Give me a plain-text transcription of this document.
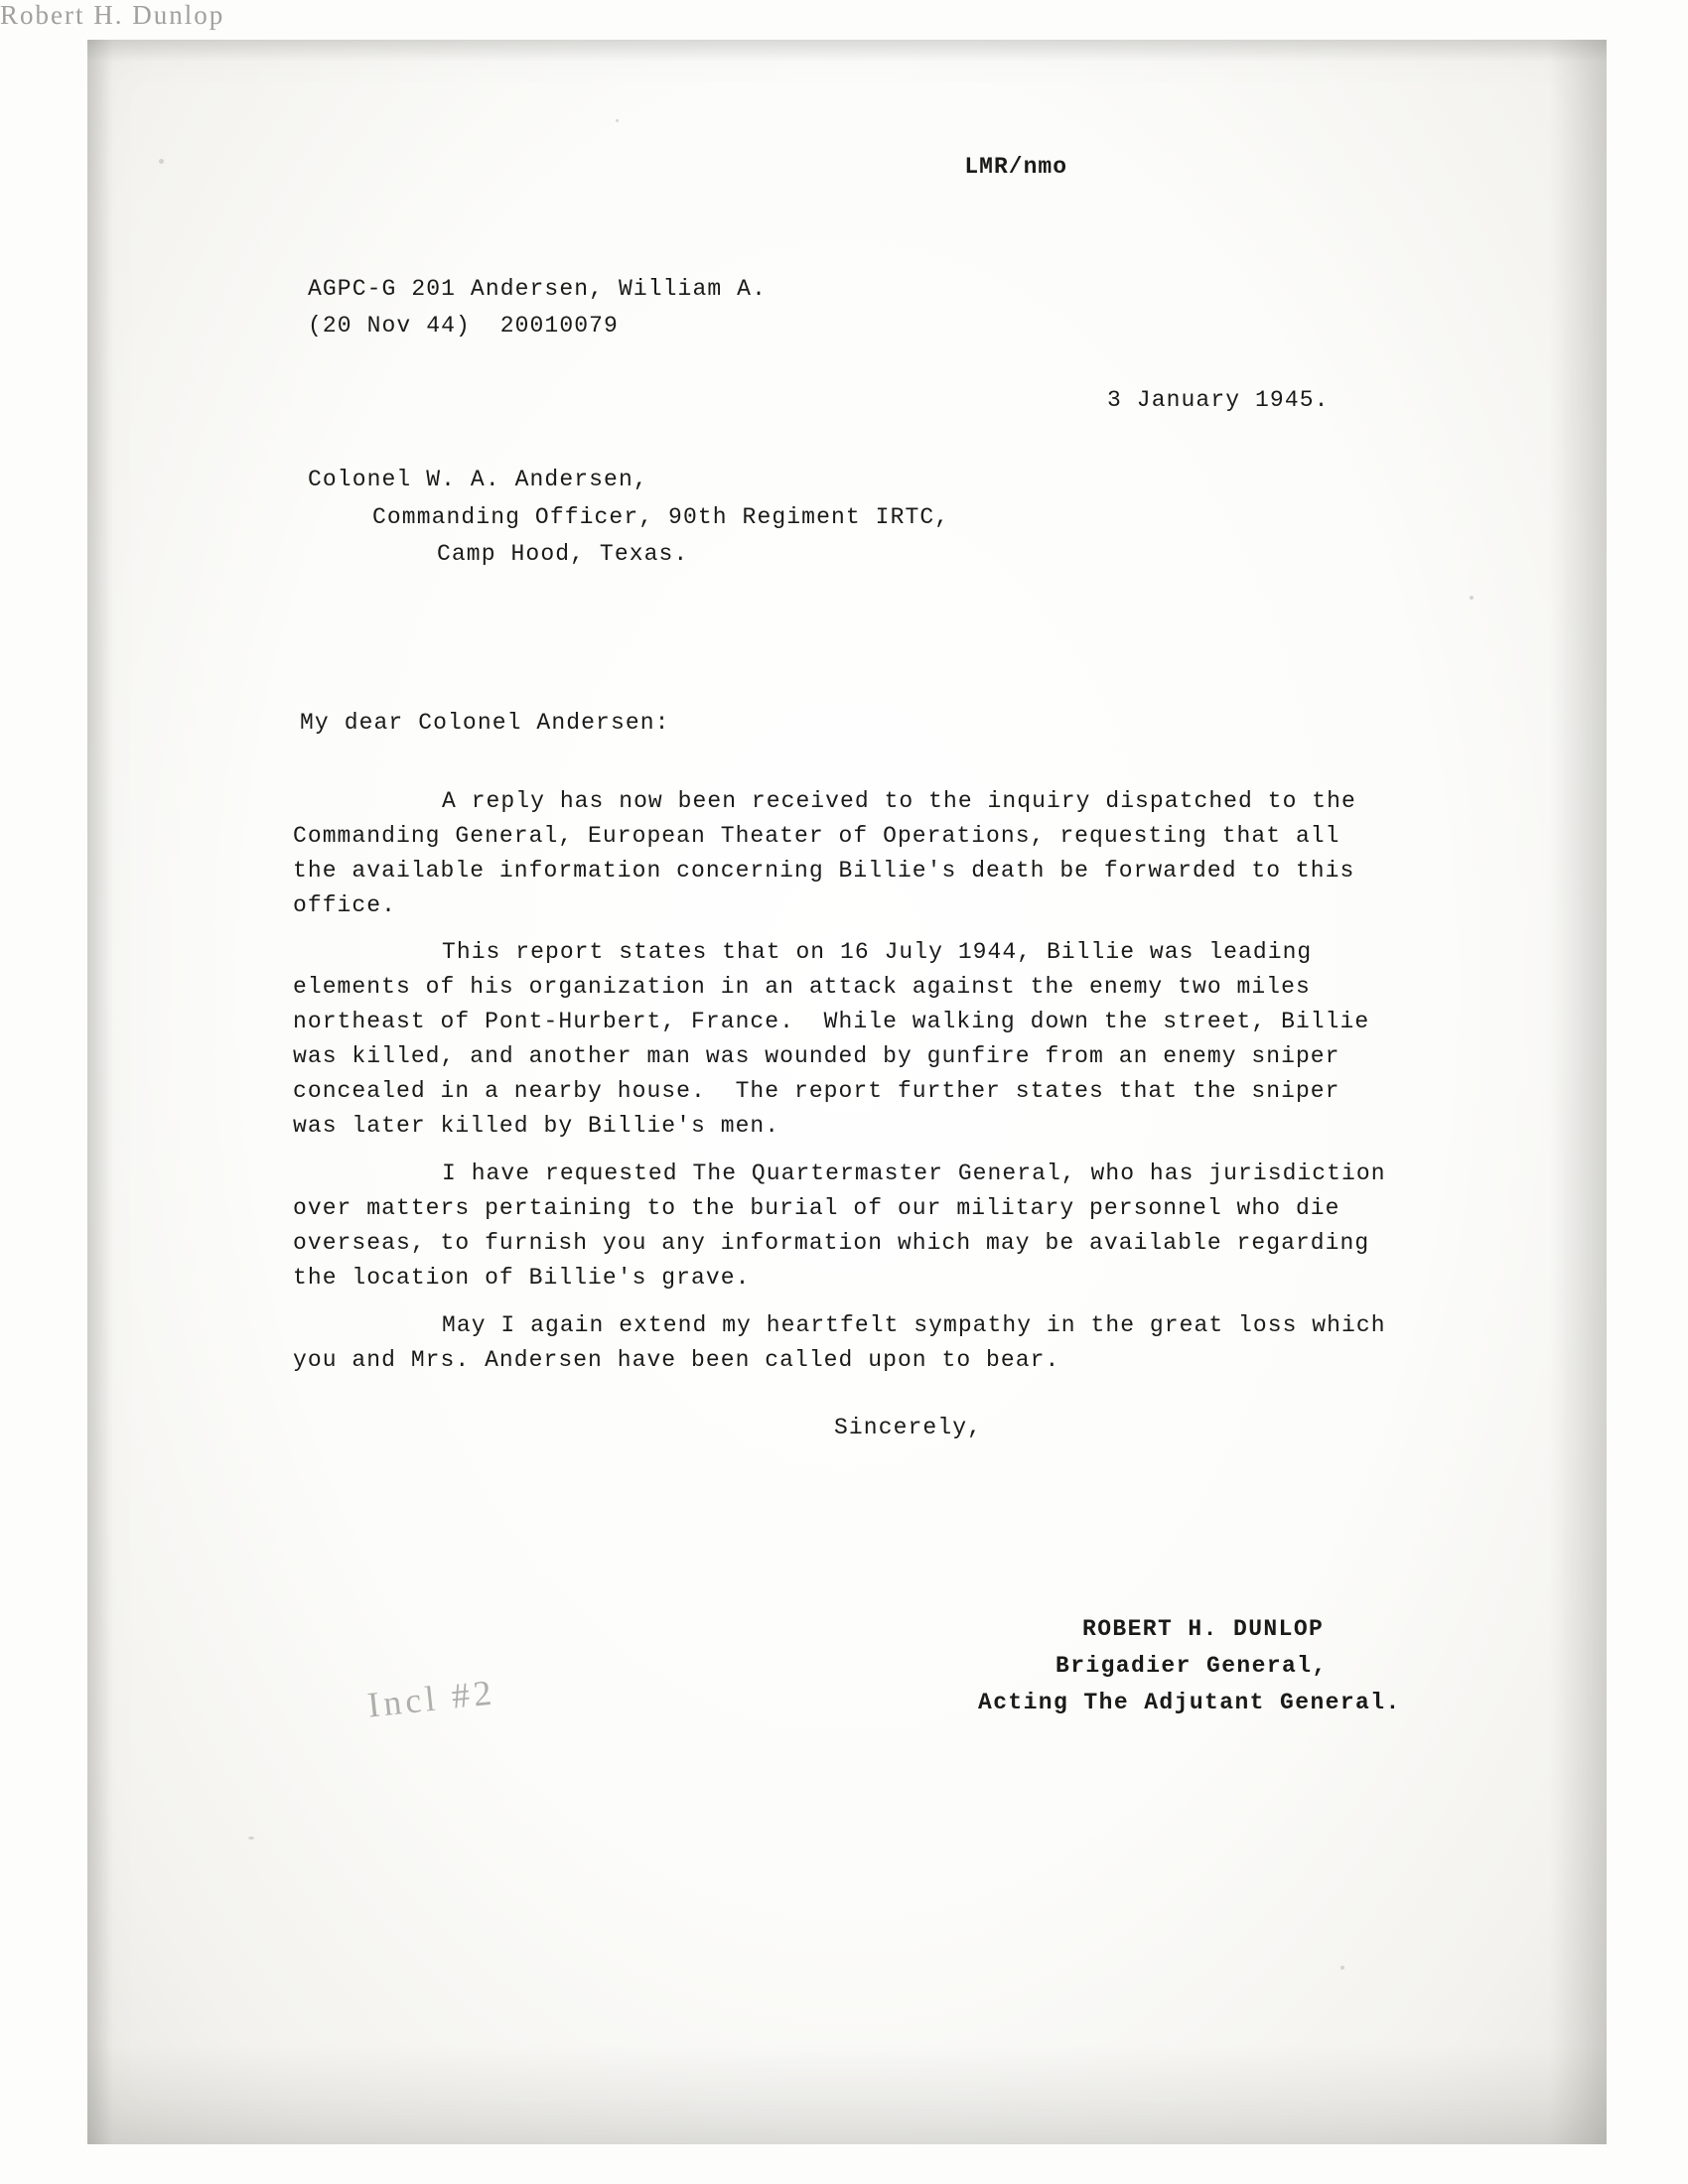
LMR/nmo
AGPC-G 201 Andersen, William A.
(20 Nov 44)  20010079
3 January 1945.
Colonel W. A. Andersen,
Commanding Officer, 90th Regiment IRTC,
Camp Hood, Texas.
My dear Colonel Andersen:
A reply has now been received to the inquiry dispatched to the Commanding General, European Theater of Operations, requesting that all the available information concerning Billie's death be forwarded to this office.
This report states that on 16 July 1944, Billie was leading elements of his organization in an attack against the enemy two miles northeast of Pont-Hurbert, France.  While walking down the street, Billie was killed, and another man was wounded by gunfire from an enemy sniper concealed in a nearby house.  The report further states that the sniper was later killed by Billie's men.
I have requested The Quartermaster General, who has jurisdiction over matters pertaining to the burial of our military personnel who die overseas, to furnish you any information which may be available regarding the location of Billie's grave.
May I again extend my heartfelt sympathy in the great loss which you and Mrs. Andersen have been called upon to bear.
Sincerely,
Robert H. Dunlop
ROBERT H. DUNLOP
Brigadier General,
Acting The Adjutant General.
Incl #2
